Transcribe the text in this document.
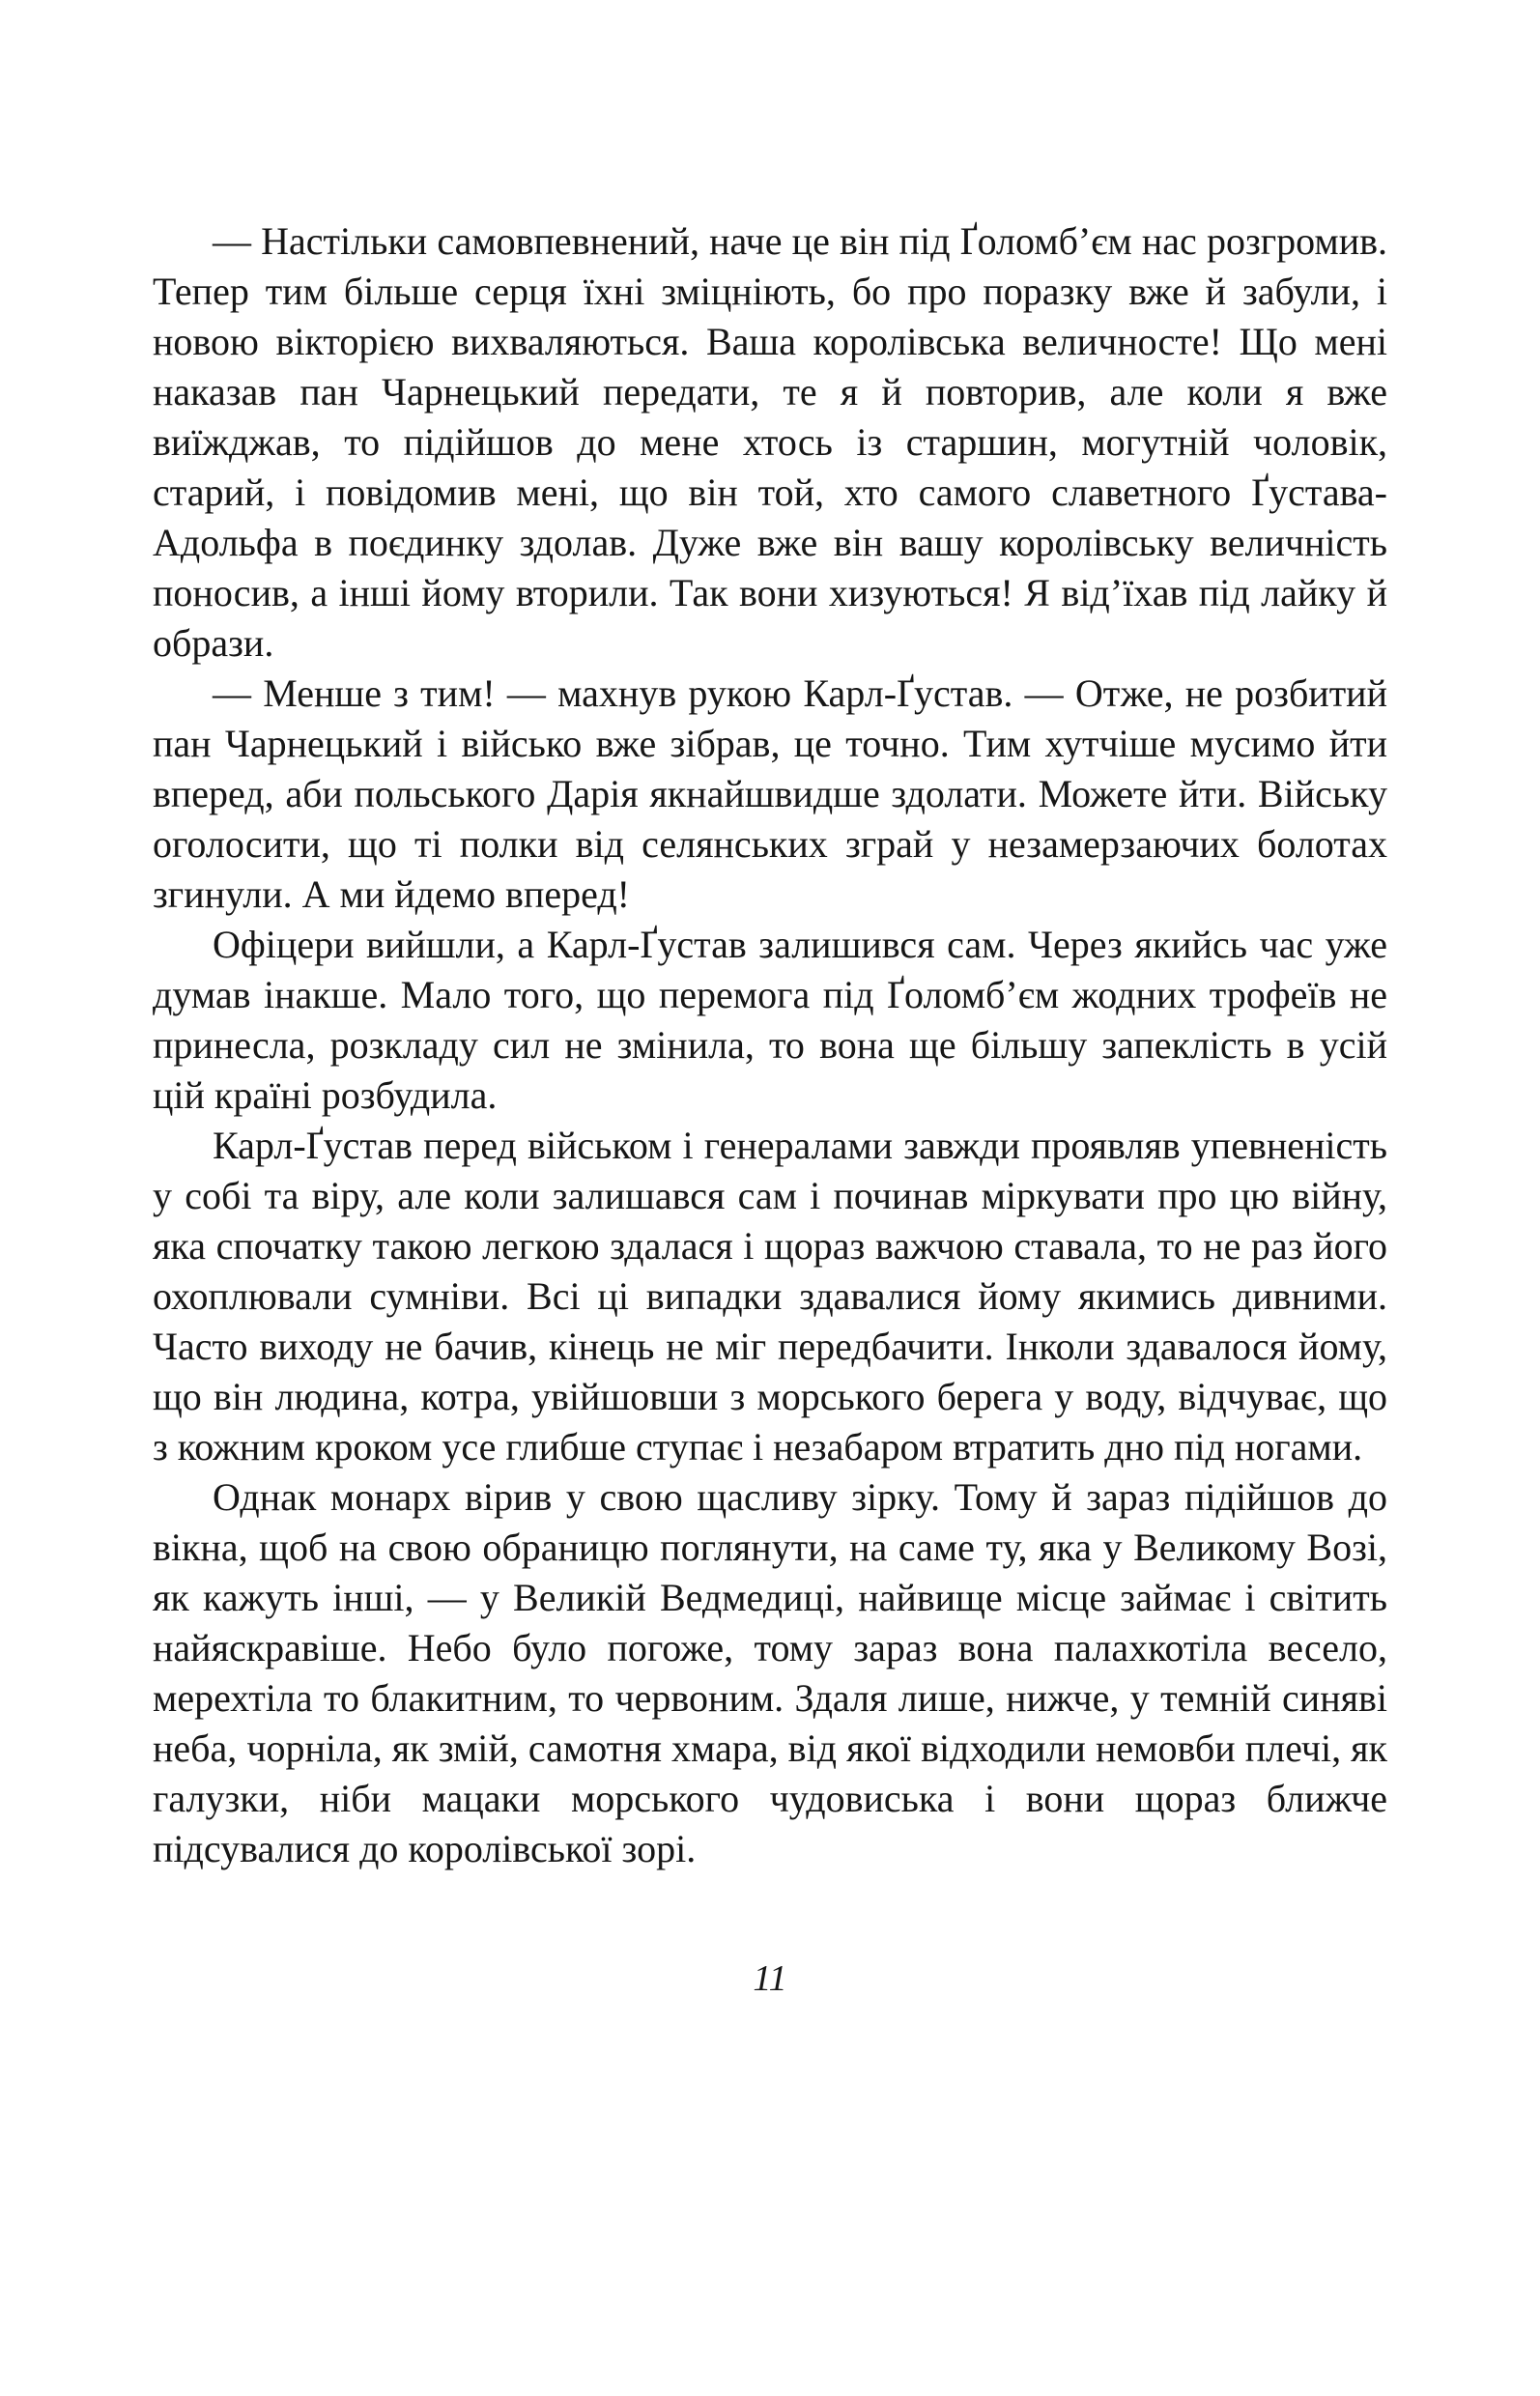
— Настільки самовпевнений, наче це він під Ґоломб’єм нас розгромив. Тепер тим більше серця їхні зміцніють, бо про поразку вже й забули, і новою вікторією вихваляються. Ваша королівська величносте! Що мені наказав пан Чарнецький передати, те я й повторив, але коли я вже виїжджав, то підійшов до мене хтось із старшин, могутній чоловік, старий, і повідомив мені, що він той, хто самого славетного Ґустава-Адольфа в поєдинку здолав. Дуже вже він вашу королівську величність поносив, а інші йому вторили. Так вони хизуються! Я від’їхав під лайку й образи.

— Менше з тим! — махнув рукою Карл-Ґустав. — Отже, не розбитий пан Чарнецький і військо вже зібрав, це точно. Тим хутчіше мусимо йти вперед, аби польського Дарія якнайшвидше здолати. Можете йти. Війську оголосити, що ті полки від селянських зграй у незамерзаючих болотах згинули. А ми йдемо вперед!

Офіцери вийшли, а Карл-Ґустав залишився сам. Через якийсь час уже думав інакше. Мало того, що перемога під Ґоломб’єм жодних трофеїв не принесла, розкладу сил не змінила, то вона ще більшу запеклість в усій цій країні розбудила.

Карл-Ґустав перед військом і генералами завжди проявляв упевненість у собі та віру, але коли залишався сам і починав міркувати про цю війну, яка спочатку такою легкою здалася і щораз важчою ставала, то не раз його охоплювали сумніви. Всі ці випадки здавалися йому якимись дивними. Часто виходу не бачив, кінець не міг передбачити. Інколи здавалося йому, що він людина, котра, увійшовши з морського берега у воду, відчуває, що з кожним кроком усе глибше ступає і незабаром втратить дно під ногами.

Однак монарх вірив у свою щасливу зірку. Тому й зараз підійшов до вікна, щоб на свою обраницю поглянути, на саме ту, яка у Великому Возі, як кажуть інші, — у Великій Ведмедиці, найвище місце займає і світить найяскравіше. Небо було погоже, тому зараз вона палахкотіла весело, мерехтіла то блакитним, то червоним. Здаля лише, нижче, у темній синяві неба, чорніла, як змій, самотня хмара, від якої відходили немовби плечі, як галузки, ніби мацаки морського чудовиська і вони щораз ближче підсувалися до королівської зорі.

11
